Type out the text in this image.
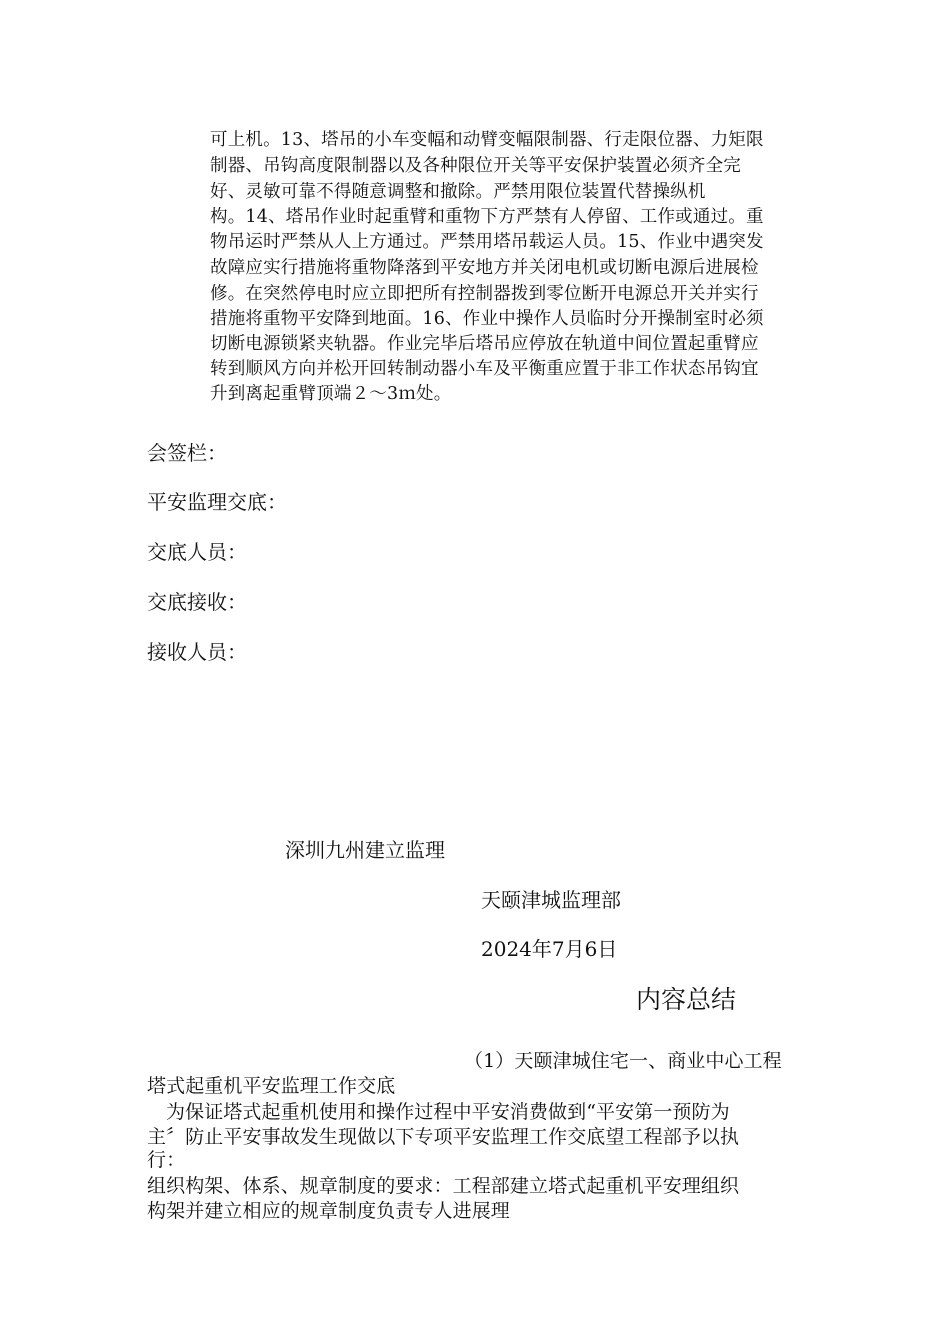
可上机。13、塔吊的小车变幅和动臂变幅限制器、行走限位器、力矩限
制器、吊钩高度限制器以及各种限位开关等平安保护装置必须齐全完
好、灵敏可靠不得随意调整和撤除。严禁用限位装置代替操纵机
构。14、塔吊作业时起重臂和重物下方严禁有人停留、工作或通过。重
物吊运时严禁从人上方通过。严禁用塔吊载运人员。15、作业中遇突发
故障应实行措施将重物降落到平安地方并关闭电机或切断电源后进展检
修。在突然停电时应立即把所有控制器拨到零位断开电源总开关并实行
措施将重物平安降到地面。16、作业中操作人员临时分开操制室时必须
切断电源锁紧夹轨器。作业完毕后塔吊应停放在轨道中间位置起重臂应
转到顺风方向并松开回转制动器小车及平衡重应置于非工作状态吊钩宜
升到离起重臂顶端２～3ｍ处。
会签栏：
平安监理交底：
交底人员：
交底接收：
接收人员：
深圳九州建立监理
天颐津城监理部
2024年7月6日
内容总结
（1）天颐津城住宅一、商业中心工程
塔式起重机平安监理工作交底
为保证塔式起重机使用和操作过程中平安消费做到“平安第一预防为
主〞防止平安事故发生现做以下专项平安监理工作交底望工程部予以执
行：
组织构架、体系、规章制度的要求：工程部建立塔式起重机平安理组织
构架并建立相应的规章制度负责专人进展理
